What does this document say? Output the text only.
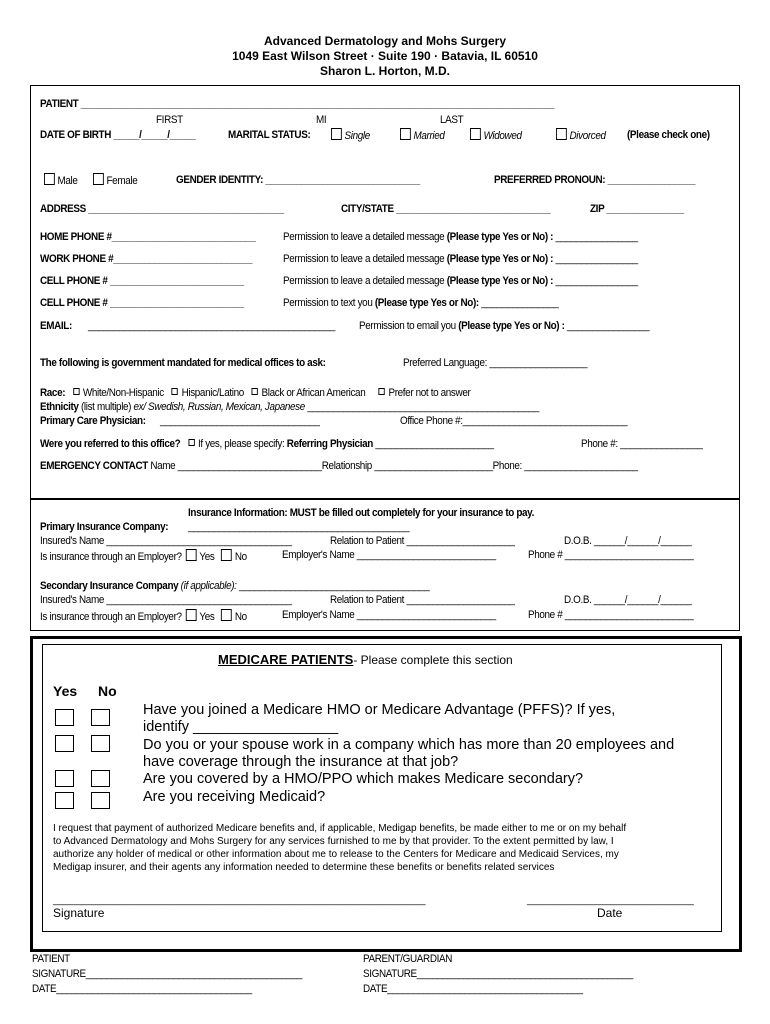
Advanced Dermatology and Mohs Surgery
1049 East Wilson Street · Suite 190 · Batavia, IL 60510
Sharon L. Horton, M.D.
PATIENT ____________________________________________________________________________________________
FIRST	MI	LAST
DATE OF BIRTH _____/_____/_____	MARITAL STATUS:	Single	Married	Widowed	Divorced (Please check one)
Male	Female	GENDER IDENTITY: ______________________________	PREFERRED PRONOUN: _________________
ADDRESS ______________________________________	CITY/STATE ______________________________	ZIP _______________
HOME PHONE #____________________________ Permission to leave a detailed message (Please type Yes or No) : ________________
WORK PHONE #___________________________	Permission to leave a detailed message (Please type Yes or No) : ________________
CELL PHONE # __________________________	Permission to leave a detailed message (Please type Yes or No) : ________________
CELL PHONE # __________________________	Permission to text you (Please type Yes or No): _______________
EMAIL: ________________________________________________ Permission to email you (Please type Yes or No) : ________________
The following is government mandated for medical offices to ask:	Preferred Language: ___________________
Race: White/Non-Hispanic Hispanic/Latino Black or African American Prefer not to answer
Ethnicity (list multiple) ex/ Swedish, Russian, Mexican, Japanese _____________________________________________
Primary Care Physician: _______________________________	Office Phone #:________________________________
Were you referred to this office? If yes, please specify: Referring Physician _______________________	Phone #: ________________
EMERGENCY CONTACT Name ____________________________Relationship _______________________Phone: ______________________
Insurance Information: MUST be filled out completely for your insurance to pay.
Primary Insurance Company: ___________________________________________
Insured's Name ____________________________________	Relation to Patient _____________________	D.O.B. ______/______/______
Is insurance through an Employer? Yes No	Employer's Name ___________________________	Phone # _________________________
Secondary Insurance Company (if applicable): _____________________________________
Insured's Name ____________________________________	Relation to Patient _____________________	D.O.B. ______/______/______
Is insurance through an Employer? Yes No	Employer's Name ___________________________	Phone # _________________________
MEDICARE PATIENTS- Please complete this section
Yes No
Have you joined a Medicare HMO or Medicare Advantage (PFFS)? If yes,
identify __________________
Do you or your spouse work in a company which has more than 20 employees and
have coverage through the insurance at that job?
Are you covered by a HMO/PPO which makes Medicare secondary?
Are you receiving Medicaid?
I request that payment of authorized Medicare benefits and, if applicable, Medigap benefits, be made either to me or on my behalf
to Advanced Dermatology and Mohs Surgery for any services furnished to me by that provider. To the extent permitted by law, I
authorize any holder of medical or other information about me to release to the Centers for Medicare and Medicaid Services, my
Medigap insurer, and their agents any information needed to determine these benefits or benefits related services
___________________________________________________________________	______________________________
Signature	Date
PATIENT
SIGNATURE__________________________________________
DATE______________________________________
PARENT/GUARDIAN
SIGNATURE__________________________________________
DATE______________________________________
